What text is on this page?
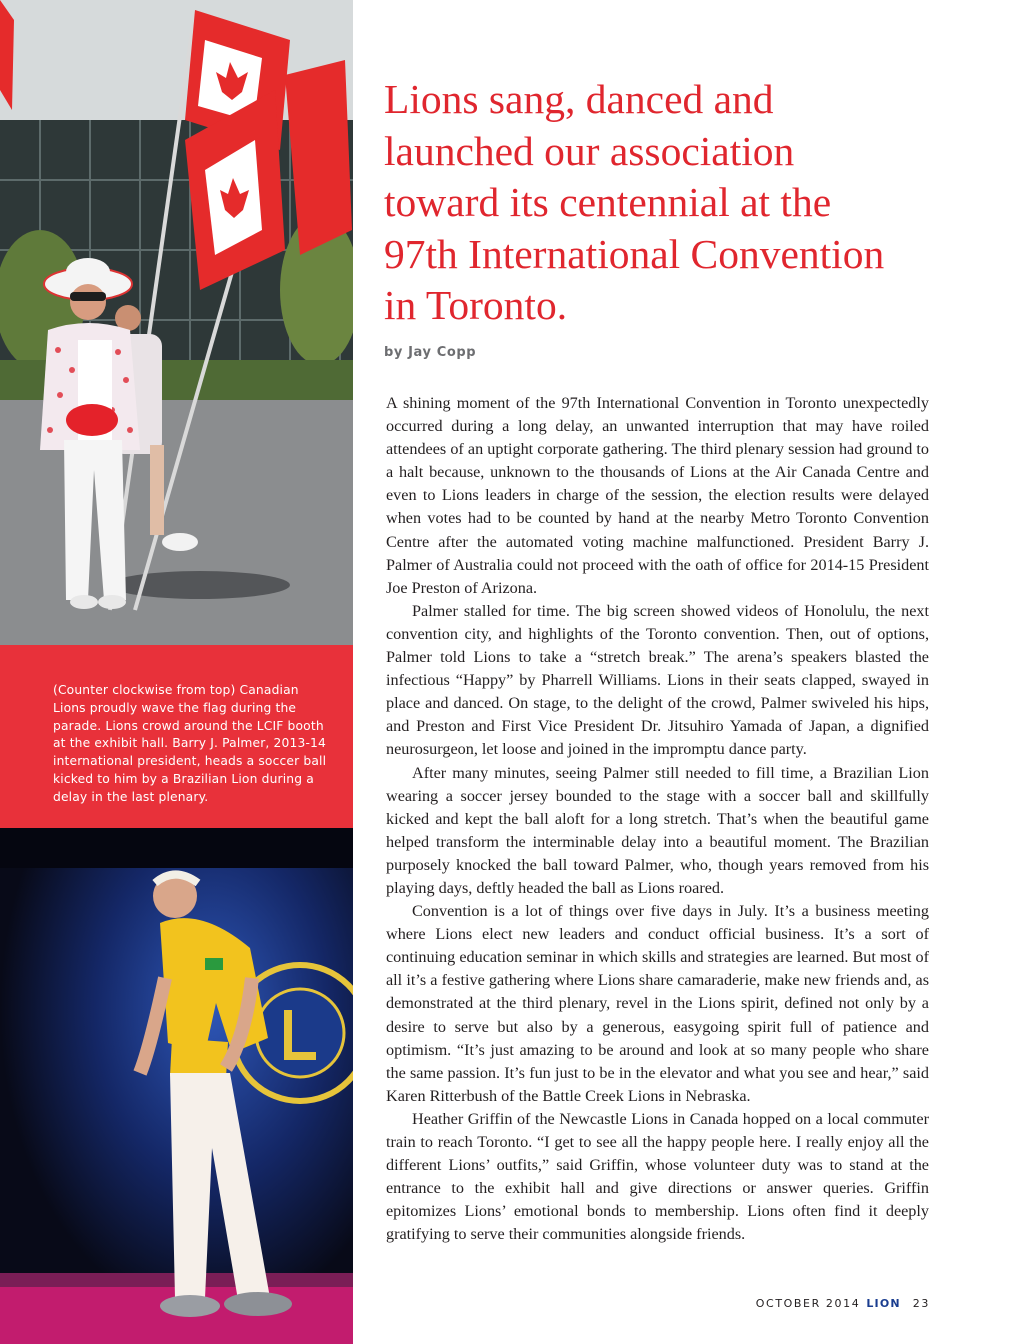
(Counter clockwise from top) Canadian Lions proudly wave the flag during the parade. Lions crowd around the LCIF booth at the exhibit hall. Barry J. Palmer, 2013-14 international president, heads a soccer ball kicked to him by a Brazilian Lion during a delay in the last plenary.
Lions sang, danced and launched our association toward its centennial at the 97th International Convention in Toronto.
by Jay Copp

A shining moment of the 97th International Convention in Toronto unexpectedly occurred during a long delay, an unwanted interruption that may have roiled attendees of an uptight corporate gathering. The third plenary session had ground to a halt because, unknown to the thousands of Lions at the Air Canada Centre and even to Lions leaders in charge of the session, the election results were delayed when votes had to be counted by hand at the nearby Metro Toronto Convention Centre after the automated voting machine malfunctioned. President Barry J. Palmer of Australia could not proceed with the oath of office for 2014-15 President Joe Preston of Arizona.

Palmer stalled for time. The big screen showed videos of Honolulu, the next convention city, and highlights of the Toronto convention. Then, out of options, Palmer told Lions to take a “stretch break.” The arena’s speakers blasted the infectious “Happy” by Pharrell Williams. Lions in their seats clapped, swayed in place and danced. On stage, to the delight of the crowd, Palmer swiveled his hips, and Preston and First Vice President Dr. Jitsuhiro Yamada of Japan, a dignified neurosurgeon, let loose and joined in the impromptu dance party.

After many minutes, seeing Palmer still needed to fill time, a Brazilian Lion wearing a soccer jersey bounded to the stage with a soccer ball and skillfully kicked and kept the ball aloft for a long stretch. That’s when the beautiful game helped transform the interminable delay into a beautiful moment. The Brazilian purposely knocked the ball toward Palmer, who, though years removed from his playing days, deftly headed the ball as Lions roared.

Convention is a lot of things over five days in July. It’s a business meeting where Lions elect new leaders and conduct official business. It’s a sort of continuing education seminar in which skills and strategies are learned. But most of all it’s a festive gathering where Lions share camaraderie, make new friends and, as demonstrated at the third plenary, revel in the Lions spirit, defined not only by a desire to serve but also by a generous, easygoing spirit full of patience and optimism. “It’s just amazing to be around and look at so many people who share the same passion. It’s fun just to be in the elevator and what you see and hear,” said Karen Ritterbush of the Battle Creek Lions in Nebraska.

Heather Griffin of the Newcastle Lions in Canada hopped on a local commuter train to reach Toronto. “I get to see all the happy people here. I really enjoy all the different Lions’ outfits,” said Griffin, whose volunteer duty was to stand at the entrance to the exhibit hall and give directions or answer queries. Griffin epitomizes Lions’ emotional bonds to membership. Lions often find it deeply gratifying to serve their communities alongside friends.

OCTOBER 2014 LION 23
